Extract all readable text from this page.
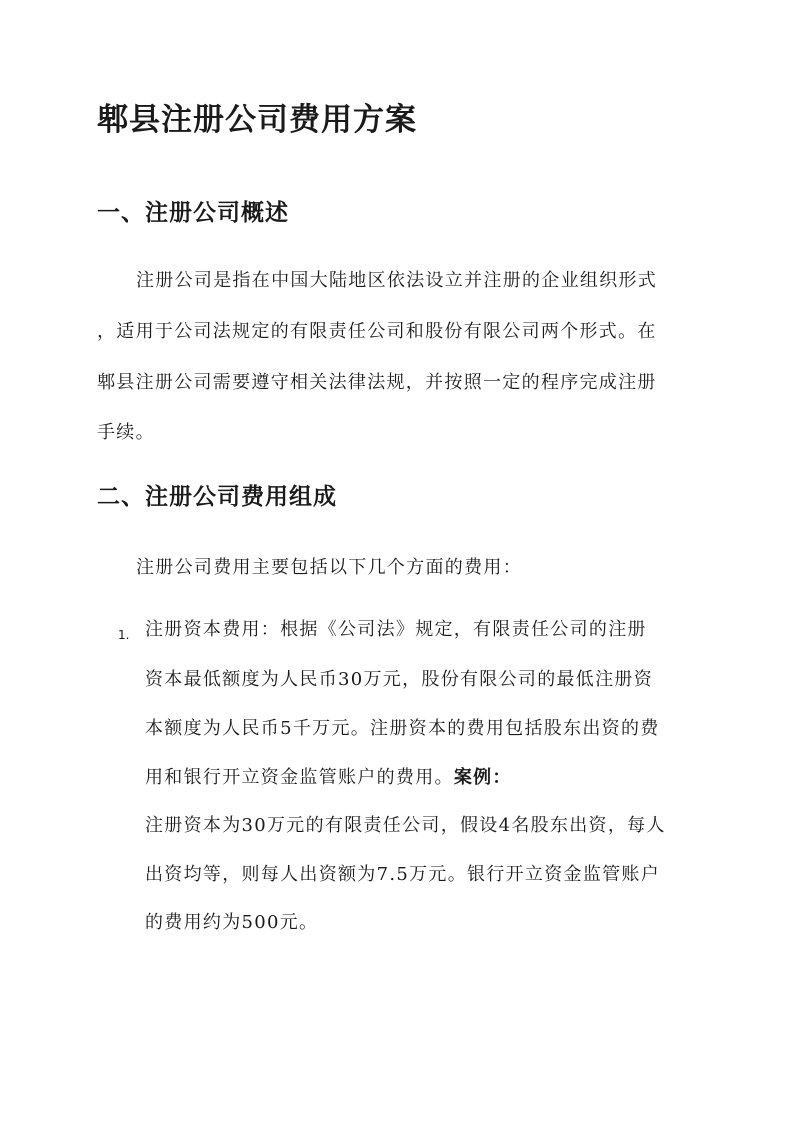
郫县注册公司费用方案
一、注册公司概述

注册公司是指在中国大陆地区依法设立并注册的企业组织形式

，适用于公司法规定的有限责任公司和股份有限公司两个形式。在

郫县注册公司需要遵守相关法律法规，并按照一定的程序完成注册

手续。

二、注册公司费用组成

注册公司费用主要包括以下几个方面的费用：

1. 注册资本费用：根据《公司法》规定，有限责任公司的注册

资本最低额度为人民币30万元，股份有限公司的最低注册资

本额度为人民币5千万元。注册资本的费用包括股东出资的费

用和银行开立资金监管账户的费用。案例：

注册资本为30万元的有限责任公司，假设4名股东出资，每人

出资均等，则每人出资额为7.5万元。银行开立资金监管账户

的费用约为500元。
